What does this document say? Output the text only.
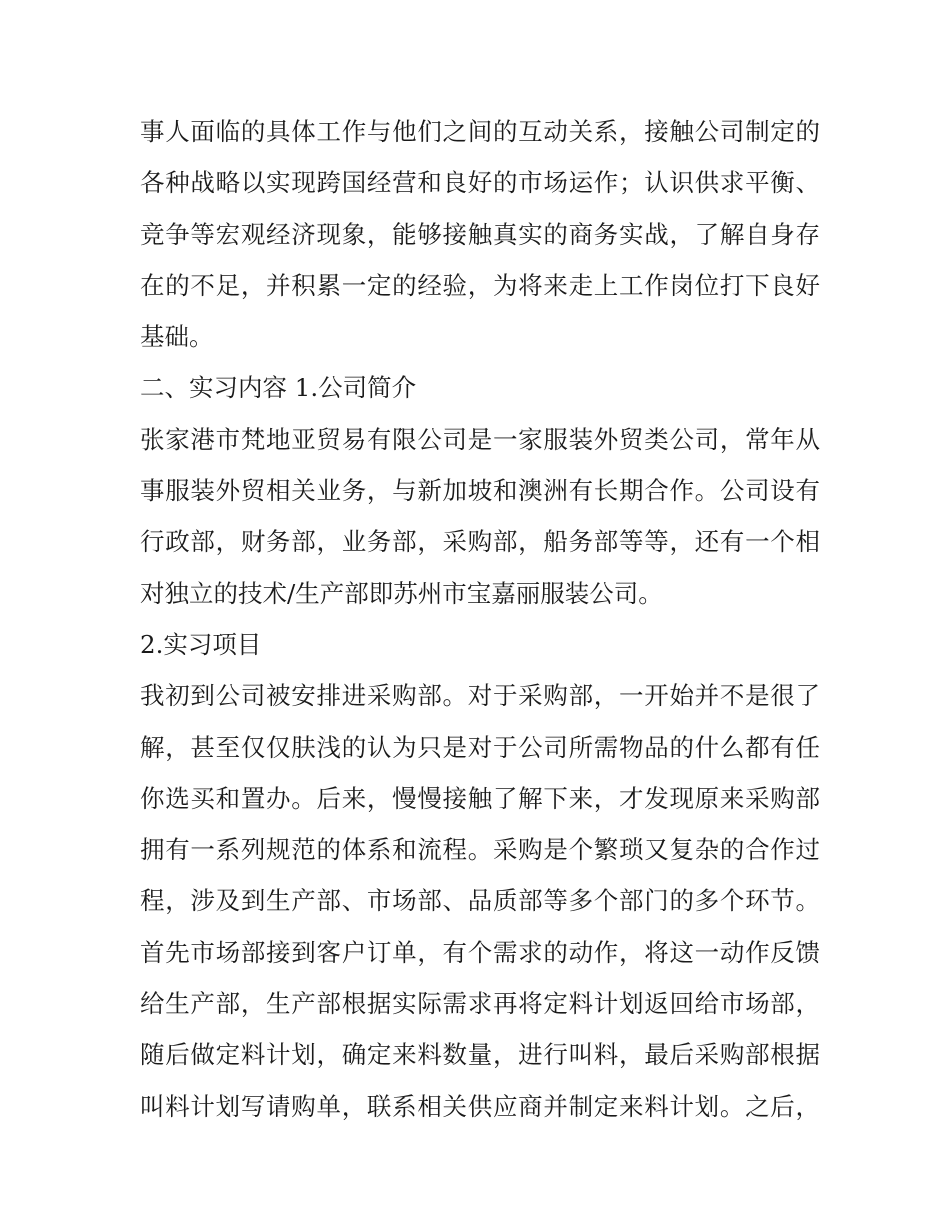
事人面临的具体工作与他们之间的互动关系，接触公司制定的
各种战略以实现跨国经营和良好的市场运作；认识供求平衡、
竞争等宏观经济现象，能够接触真实的商务实战，了解自身存
在的不足，并积累一定的经验，为将来走上工作岗位打下良好
基础。
二、实习内容 1.公司简介
张家港市梵地亚贸易有限公司是一家服装外贸类公司，常年从
事服装外贸相关业务，与新加坡和澳洲有长期合作。公司设有
行政部，财务部，业务部，采购部，船务部等等，还有一个相
对独立的技术/生产部即苏州市宝嘉丽服装公司。
2.实习项目
我初到公司被安排进采购部。对于采购部，一开始并不是很了
解，甚至仅仅肤浅的认为只是对于公司所需物品的什么都有任
你选买和置办。后来，慢慢接触了解下来，才发现原来采购部
拥有一系列规范的体系和流程。采购是个繁琐又复杂的合作过
程，涉及到生产部、市场部、品质部等多个部门的多个环节。
首先市场部接到客户订单，有个需求的动作，将这一动作反馈
给生产部，生产部根据实际需求再将定料计划返回给市场部，
随后做定料计划，确定来料数量，进行叫料，最后采购部根据
叫料计划写请购单，联系相关供应商并制定来料计划。之后，
